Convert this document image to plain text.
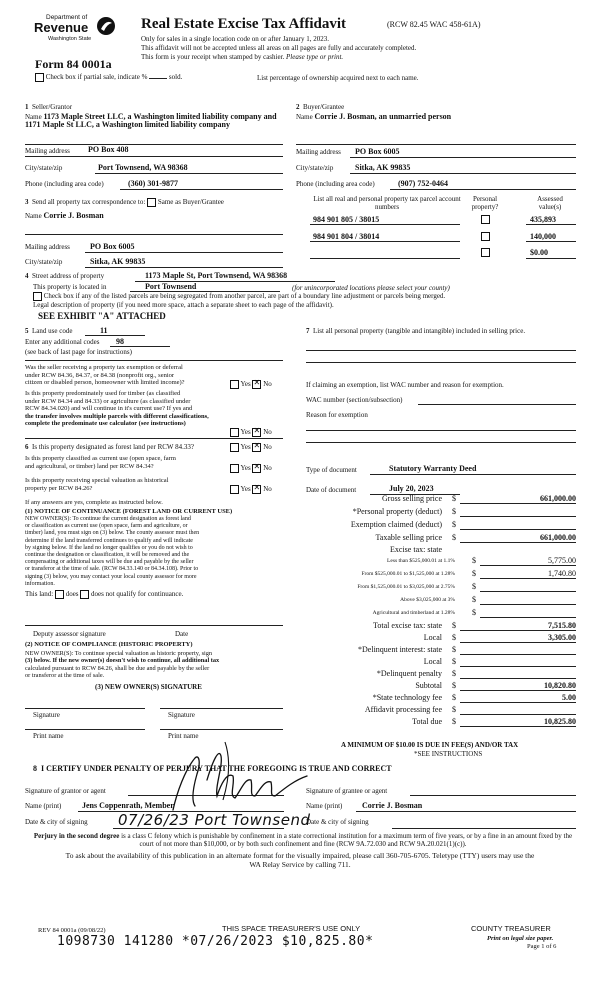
Department of
Revenue
Washington State
Form 84 0001a
Check box if partial sale, indicate %	sold.	List percentage of ownership acquired next to each name.
Real Estate Excise Tax Affidavit	(RCW 82.45 WAC 458-61A)
Only for sales in a single location code on or after January 1, 2023.
This affidavit will not be accepted unless all areas on all pages are fully and accurately completed.
This form is your receipt when stamped by cashier. Please type or print.
1 Seller/Grantor
Name 1173 Maple Street LLC, a Washington limited liability company and 1171 Maple St LLC, a Washington limited liability company
Mailing address PO Box 408
City/state/zip	Port Townsend, WA 98368
Phone (including area code)	(360) 301-9877
2 Buyer/Grantee
Name Corrie J. Bosman, an unmarried person
Mailing address PO Box 6005
City/state/zip	Sitka, AK 99835
Phone (including area code)	(907) 752-0464
3 Send all property tax correspondence to: Same as Buyer/Grantee
Name Corrie J. Bosman
Mailing address	PO Box 6005
City/state/zip	Sitka, AK 99835
List all real and personal property tax parcel account numbers
Personal property?
Assessed value(s)
984 901 805 / 38015	435,893
984 901 804 / 38014	140,000
$0.00
4 Street address of property	1173 Maple St, Port Townsend, WA 98368
This property is located in	Port Townsend	(for unincorporated locations please select your county)
Check box if any of the listed parcels are being segregated from another parcel, are part of a boundary line adjustment or parcels being merged.
Legal description of property (if you need more space, attach a separate sheet to each page of the affidavit).
SEE EXHIBIT "A" ATTACHED
5 Land use code	11
Enter any additional codes 98
(see back of last page for instructions)
Was the seller receiving a property tax exemption or deferral
under RCW 84.36, 84.37, or 84.38 (nonprofit org., senior
citizen or disabled person, homeowner with limited income)?	Yes ✕ No
Is this property predominately used for timber (as classified
under RCW 84.34 and 84.33) or agriculture (as classified under
RCW 84.34.020) and will continue in it's current use? If yes and
the transfer involves multiple parcels with different classifications,
complete the predominate use calculator (see instructions)
Yes ✕ No
6 Is this property designated as forest land per RCW 84.33?	Yes ✕ No
Is this property classified as current use (open space, farm
and agricultural, or timber) land per RCW 84.34?	Yes ✕ No
Is this property receiving special valuation as historical
property per RCW 84.26?	Yes ✕ No
If any answers are yes, complete as instructed below.
(1) NOTICE OF CONTINUANCE (FOREST LAND OR CURRENT USE)
NEW OWNER(S): To continue the current designation as forest land
or classification as current use (open space, farm and agriculture, or
timber) land, you must sign on (3) below. The county assessor must then
determine if the land transferred continues to qualify and will indicate
by signing below. If the land no longer qualifies or you do not wish to
continue the designation or classification, it will be removed and the
compensating or additional taxes will be due and payable by the seller
or transferor at the time of sale. (RCW 84.33.140 or 84.34.108). Prior to
signing (3) below, you may contact your local county assessor for more
information.
This land: does does not qualify for continuance.
Deputy assessor signature	Date
(2) NOTICE OF COMPLIANCE (HISTORIC PROPERTY)
NEW OWNER(S): To continue special valuation as historic property, sign
(3) below. If the new owner(s) doesn't wish to continue, all additional tax
calculated pursuant to RCW 84.26, shall be due and payable by the seller
or transferor at the time of sale.
(3) NEW OWNER(S) SIGNATURE
Signature	Signature
Print name	Print name
7 List all personal property (tangible and intangible) included in selling price.
If claiming an exemption, list WAC number and reason for exemption.
WAC number (section/subsection)
Reason for exemption
Type of document	Statutory Warranty Deed
Date of document	July 20, 2023
Gross selling price $	661,000.00
*Personal property (deduct) $
Exemption claimed (deduct) $
Taxable selling price $	661,000.00
Excise tax: state
Less than $525,000.01 at 1.1% $	5,775.00
From $525,000.01 to $1,525,000 at 1.28% $	1,740.80
From $1,525,000.01 to $3,025,000 at 2.75% $
Above $3,025,000 at 3% $
Agricultural and timberland at 1.28% $
Total excise tax: state $	7,515.80
Local $	3,305.00
*Delinquent interest: state $
Local $
*Delinquent penalty $
Subtotal $	10,820.80
*State technology fee $	5.00
Affidavit processing fee $
Total due $	10,825.80
A MINIMUM OF $10.00 IS DUE IN FEE(S) AND/OR TAX
*SEE INSTRUCTIONS
8 I CERTIFY UNDER PENALTY OF PERJURY THAT THE FOREGOING IS TRUE AND CORRECT
Signature of grantor or agent	Signature of grantee or agent
Name (print)	Jens Coppenrath, Member	Name (print) Corrie J. Bosman
Date & city of signing	Date & city of signing
07/26/23 Port Townsend
Perjury in the second degree is a class C felony which is punishable by confinement in a state correctional institution for a maximum term of five years, or by a fine in an amount fixed by the court of not more than $10,000, or by both such confinement and fine (RCW 9A.72.030 and RCW 9A.20.021(1)(c)).
To ask about the availability of this publication in an alternate format for the visually impaired, please call 360-705-6705. Teletype (TTY) users may use the WA Relay Service by calling 711.
REV 84 0001a (09/08/22)	THIS SPACE TREASURER'S USE ONLY	COUNTY TREASURER
Print on legal size paper.
Page 1 of 6
1098730 141280 *07/26/2023 $10,825.80*
